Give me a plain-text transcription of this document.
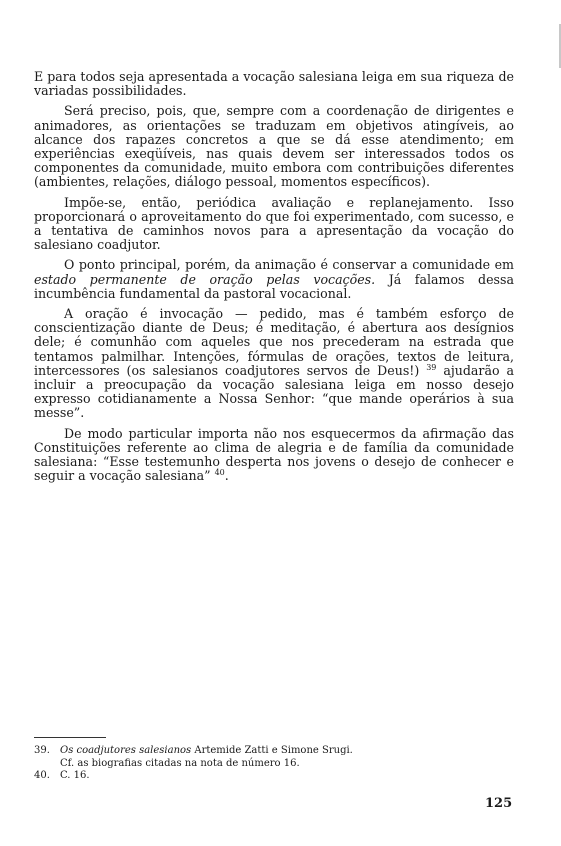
E para todos seja apresentada a vocação salesiana leiga em sua riqueza de variadas possibilidades.

Será preciso, pois, que, sempre com a coordenação de dirigentes e animadores, as orientações se traduzam em objetivos atingíveis, ao alcance dos rapazes concretos a que se dá esse atendimento; em experiências exeqüíveis, nas quais devem ser interessados todos os componentes da comunidade, muito embora com contribuições diferentes (ambientes, relações, diálogo pessoal, momentos específicos).

Impõe-se, então, periódica avaliação e replanejamento. Isso proporcionará o aproveitamento do que foi experimentado, com sucesso, e a tentativa de caminhos novos para a apresentação da vocação do salesiano coadjutor.

O ponto principal, porém, da animação é conservar a comunidade em estado permanente de oração pelas vocações. Já falamos dessa incumbência fundamental da pastoral vocacional.

A oração é invocação — pedido, mas é também esforço de conscientização diante de Deus; é meditação, é abertura aos desígnios dele; é comunhão com aqueles que nos precederam na estrada que tentamos palmilhar. Intenções, fórmulas de orações, textos de leitura, intercessores (os salesianos coadjutores servos de Deus!) $^{39}$ ajudarão a incluir a preocupação da vocação salesiana leiga em nosso desejo expresso cotidianamente a Nossa Senhor: “que mande operários à sua messe”.

De modo particular importa não nos esquecermos da afirmação das Constituições referente ao clima de alegria e de família da comunidade salesiana: “Esse testemunho desperta nos jovens o desejo de conhecer e seguir a vocação salesiana” $^{40}$.

39. Os coadjutores salesianos Artemide Zatti e Simone Srugi.
Cf. as biografias citadas na nota de número 16.
40. C. 16.
125
